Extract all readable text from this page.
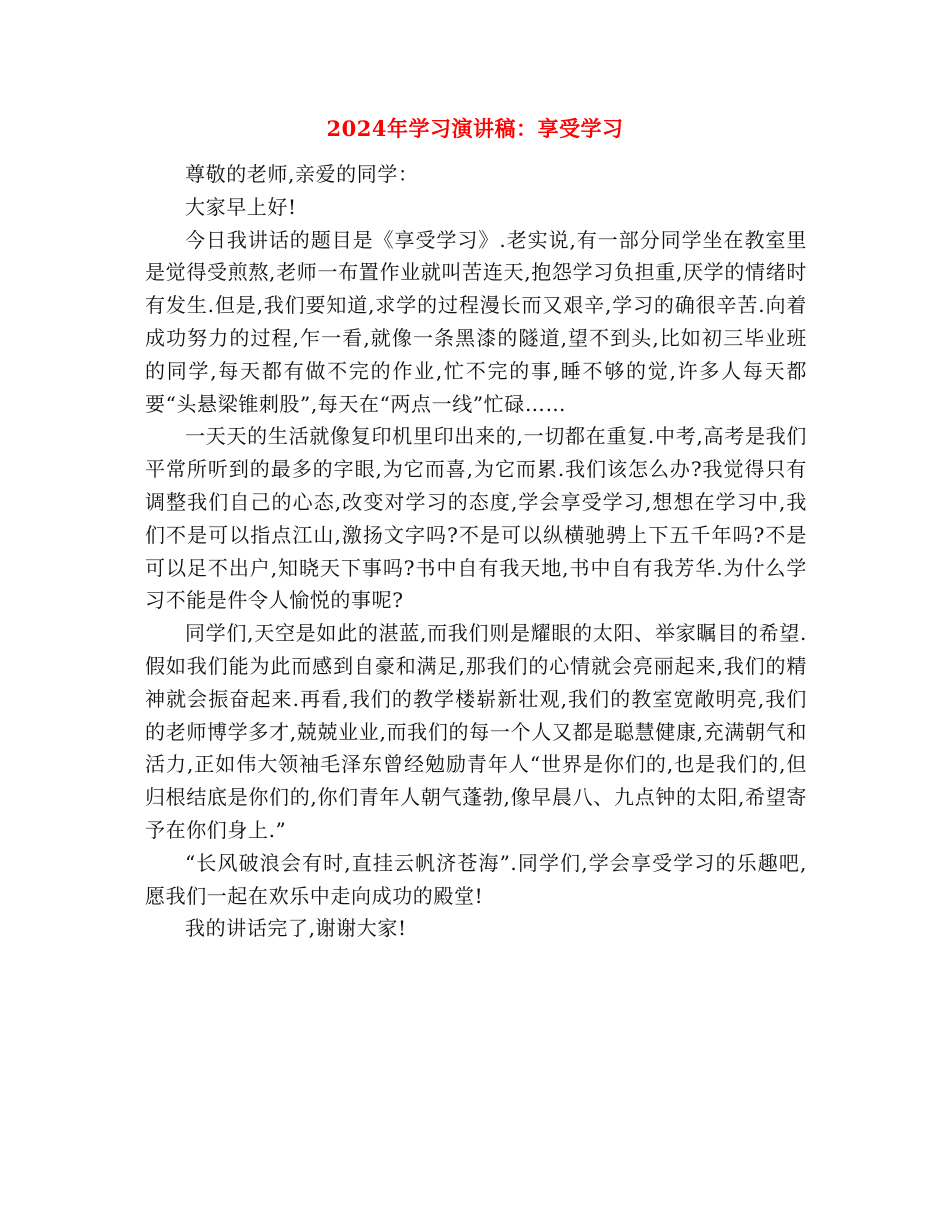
2024年学习演讲稿：享受学习

尊敬的老师,亲爱的同学：

大家早上好!

今日我讲话的题目是《享受学习》.老实说,有一部分同学坐在教室里是觉得受煎熬,老师一布置作业就叫苦连天,抱怨学习负担重,厌学的情绪时有发生.但是,我们要知道,求学的过程漫长而又艰辛,学习的确很辛苦.向着成功努力的过程,乍一看,就像一条黑漆的隧道,望不到头,比如初三毕业班的同学,每天都有做不完的作业,忙不完的事,睡不够的觉,许多人每天都要“头悬梁锥刺股”,每天在“两点一线”忙碌……

一天天的生活就像复印机里印出来的,一切都在重复.中考,高考是我们平常所听到的最多的字眼,为它而喜,为它而累.我们该怎么办?我觉得只有调整我们自己的心态,改变对学习的态度,学会享受学习,想想在学习中,我们不是可以指点江山,激扬文字吗?不是可以纵横驰骋上下五千年吗?不是可以足不出户,知晓天下事吗?书中自有我天地,书中自有我芳华.为什么学习不能是件令人愉悦的事呢?

同学们,天空是如此的湛蓝,而我们则是耀眼的太阳、举家瞩目的希望.假如我们能为此而感到自豪和满足,那我们的心情就会亮丽起来,我们的精神就会振奋起来.再看,我们的教学楼崭新壮观,我们的教室宽敞明亮,我们的老师博学多才,兢兢业业,而我们的每一个人又都是聪慧健康,充满朝气和活力,正如伟大领袖毛泽东曾经勉励青年人“世界是你们的,也是我们的,但归根结底是你们的,你们青年人朝气蓬勃,像早晨八、九点钟的太阳,希望寄予在你们身上.”

“长风破浪会有时,直挂云帆济苍海”.同学们,学会享受学习的乐趣吧,愿我们一起在欢乐中走向成功的殿堂!

我的讲话完了,谢谢大家!
